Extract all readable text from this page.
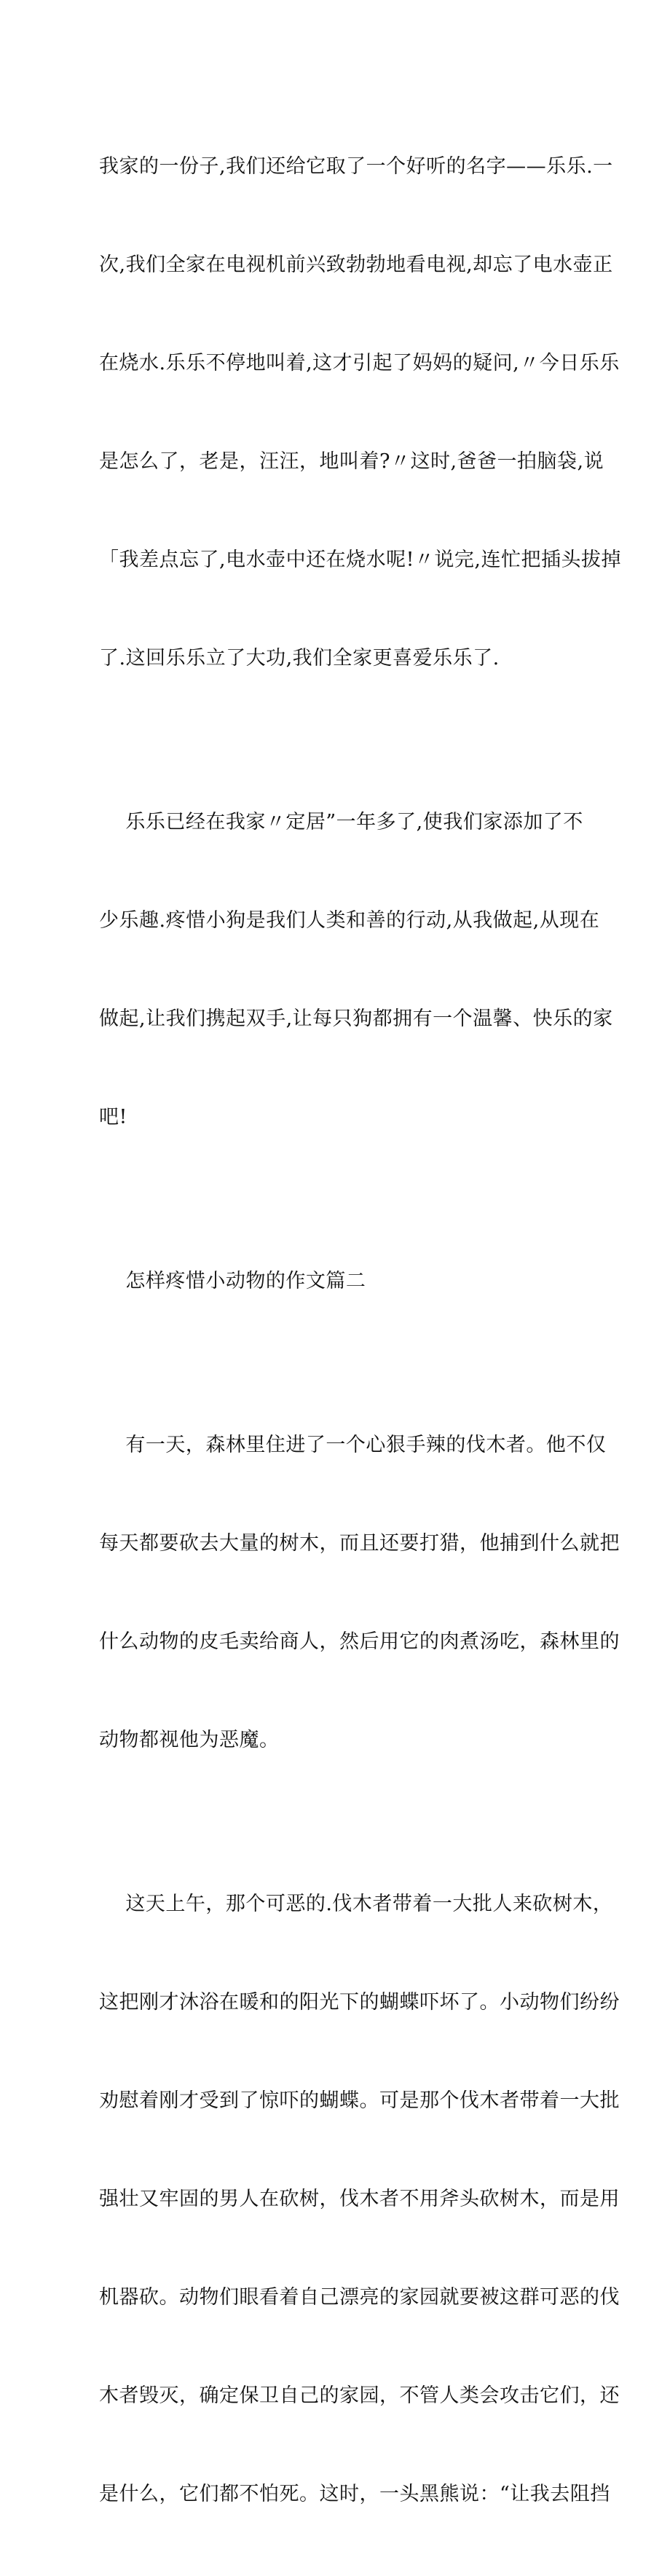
我家的一份子,我们还给它取了一个好听的名字——乐乐.一

次,我们全家在电视机前兴致勃勃地看电视,却忘了电水壶正

在烧水.乐乐不停地叫着,这才引起了妈妈的疑问,〃今日乐乐

是怎么了，老是，汪汪，地叫着?〃这时,爸爸一拍脑袋,说

「我差点忘了,电水壶中还在烧水呢!〃说完,连忙把插头拔掉

了.这回乐乐立了大功,我们全家更喜爱乐乐了.

乐乐已经在我家〃定居”一年多了,使我们家添加了不

少乐趣.疼惜小狗是我们人类和善的行动,从我做起,从现在

做起,让我们携起双手,让每只狗都拥有一个温馨、快乐的家

吧!

怎样疼惜小动物的作文篇二

有一天，森林里住进了一个心狠手辣的伐木者。他不仅

每天都要砍去大量的树木，而且还要打猎，他捕到什么就把

什么动物的皮毛卖给商人，然后用它的肉煮汤吃，森林里的

动物都视他为恶魔。

这天上午，那个可恶的.伐木者带着一大批人来砍树木，

这把刚才沐浴在暖和的阳光下的蝴蝶吓坏了。小动物们纷纷

劝慰着刚才受到了惊吓的蝴蝶。可是那个伐木者带着一大批

强壮又牢固的男人在砍树，伐木者不用斧头砍树木，而是用

机器砍。动物们眼看着自己漂亮的家园就要被这群可恶的伐

木者毁灭，确定保卫自己的家园，不管人类会攻击它们，还

是什么，它们都不怕死。这时，一头黑熊说：“让我去阻挡
